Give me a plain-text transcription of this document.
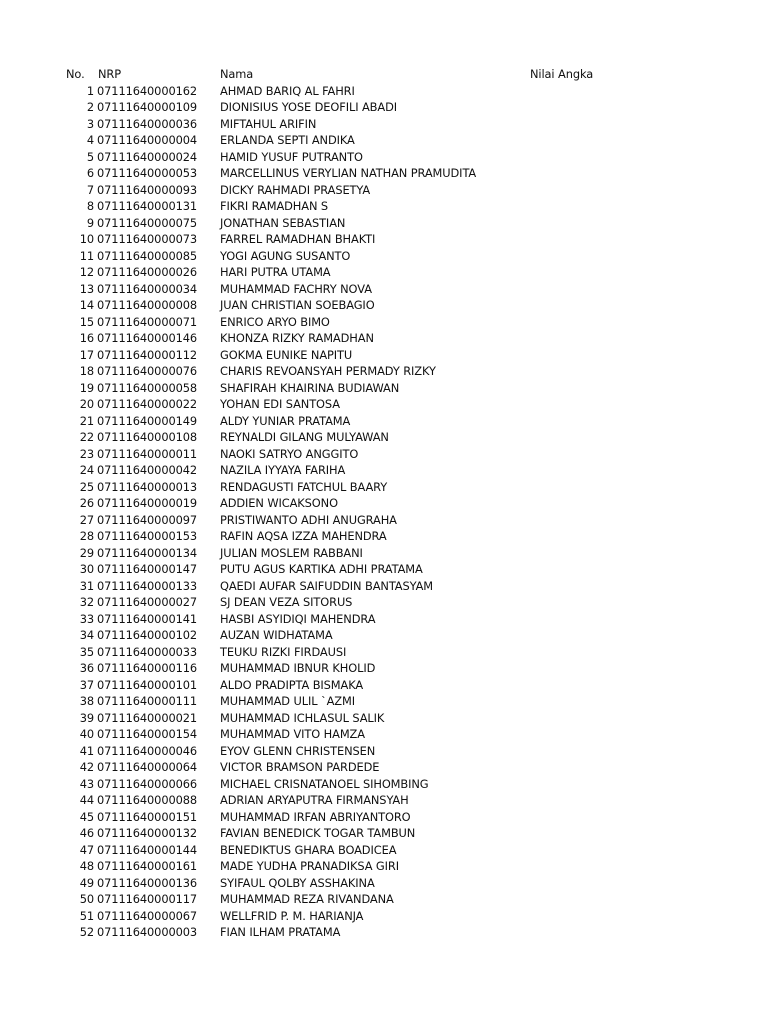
No. NRP	Nama	Nilai Angka
1 07111640000162 AHMAD BARIQ AL FAHRI
2 07111640000109 DIONISIUS YOSE DEOFILI ABADI
3 07111640000036 MIFTAHUL ARIFIN
4 07111640000004 ERLANDA SEPTI ANDIKA
5 07111640000024 HAMID YUSUF PUTRANTO
6 07111640000053 MARCELLINUS VERYLIAN NATHAN PRAMUDITA
7 07111640000093 DICKY RAHMADI PRASETYA
8 07111640000131 FIKRI RAMADHAN S
9 07111640000075 JONATHAN SEBASTIAN
10 07111640000073 FARREL RAMADHAN BHAKTI
11 07111640000085 YOGI AGUNG SUSANTO
12 07111640000026 HARI PUTRA UTAMA
13 07111640000034 MUHAMMAD FACHRY NOVA
14 07111640000008 JUAN CHRISTIAN SOEBAGIO
15 07111640000071 ENRICO ARYO BIMO
16 07111640000146 KHONZA RIZKY RAMADHAN
17 07111640000112 GOKMA EUNIKE NAPITU
18 07111640000076 CHARIS REVOANSYAH PERMADY RIZKY
19 07111640000058 SHAFIRAH KHAIRINA BUDIAWAN
20 07111640000022 YOHAN EDI SANTOSA
21 07111640000149 ALDY YUNIAR PRATAMA
22 07111640000108 REYNALDI GILANG MULYAWAN
23 07111640000011 NAOKI SATRYO ANGGITO
24 07111640000042 NAZILA IYYAYA FARIHA
25 07111640000013 RENDAGUSTI FATCHUL BAARY
26 07111640000019 ADDIEN WICAKSONO
27 07111640000097 PRISTIWANTO ADHI ANUGRAHA
28 07111640000153 RAFIN AQSA IZZA MAHENDRA
29 07111640000134 JULIAN MOSLEM RABBANI
30 07111640000147 PUTU AGUS KARTIKA ADHI PRATAMA
31 07111640000133 QAEDI AUFAR SAIFUDDIN BANTASYAM
32 07111640000027 SJ DEAN VEZA SITORUS
33 07111640000141 HASBI ASYIDIQI MAHENDRA
34 07111640000102 AUZAN WIDHATAMA
35 07111640000033 TEUKU RIZKI FIRDAUSI
36 07111640000116 MUHAMMAD IBNUR KHOLID
37 07111640000101 ALDO PRADIPTA BISMAKA
38 07111640000111 MUHAMMAD ULIL `AZMI
39 07111640000021 MUHAMMAD ICHLASUL SALIK
40 07111640000154 MUHAMMAD VITO HAMZA
41 07111640000046 EYOV GLENN CHRISTENSEN
42 07111640000064 VICTOR BRAMSON PARDEDE
43 07111640000066 MICHAEL CRISNATANOEL SIHOMBING
44 07111640000088 ADRIAN ARYAPUTRA FIRMANSYAH
45 07111640000151 MUHAMMAD IRFAN ABRIYANTORO
46 07111640000132 FAVIAN BENEDICK TOGAR TAMBUN
47 07111640000144 BENEDIKTUS GHARA BOADICEA
48 07111640000161 MADE YUDHA PRANADIKSA GIRI
49 07111640000136 SYIFAUL QOLBY ASSHAKINA
50 07111640000117 MUHAMMAD REZA RIVANDANA
51 07111640000067 WELLFRID P. M. HARIANJA
52 07111640000003 FIAN ILHAM PRATAMA
